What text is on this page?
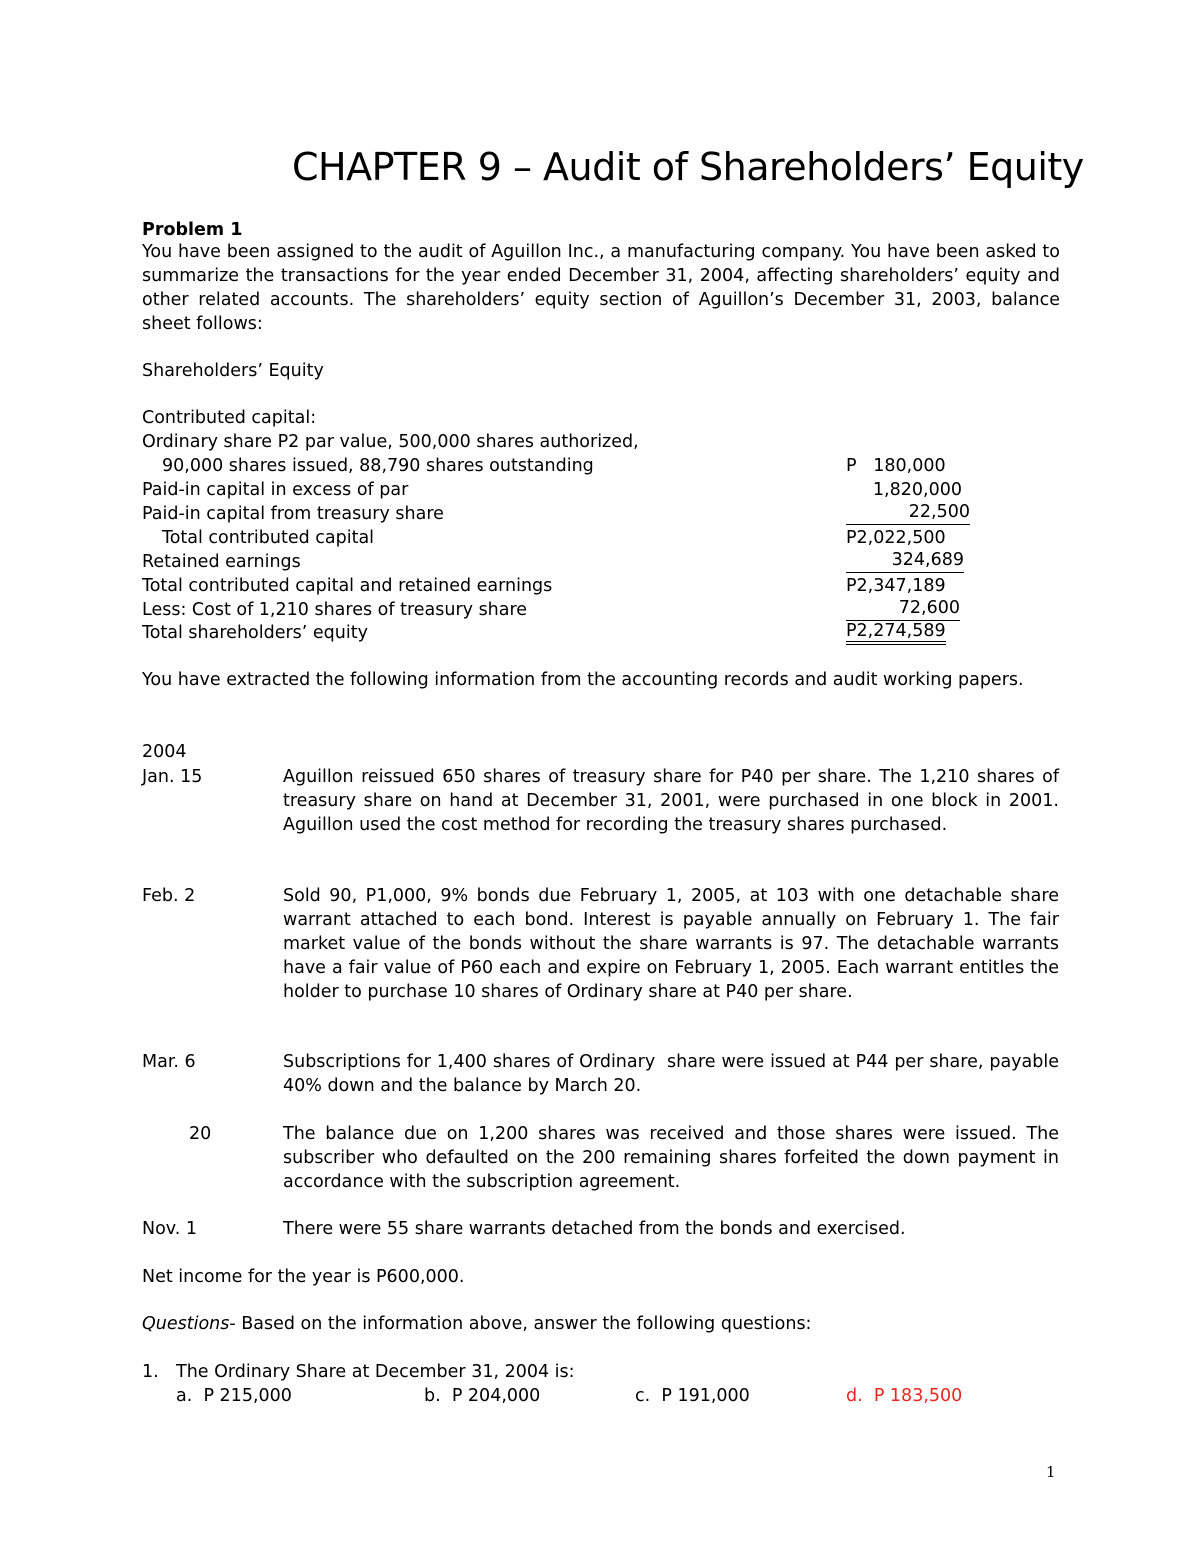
CHAPTER 9 – Audit of Shareholders’ Equity
Problem 1

You have been assigned to the audit of Aguillon Inc., a manufacturing company. You have been asked to summarize the transactions for the year ended December 31, 2004, affecting shareholders’ equity and other related accounts. The shareholders’ equity section of Aguillon’s December 31, 2003, balance sheet follows:

Shareholders’ Equity
Contributed capital:
Ordinary share P2 par value, 500,000 shares authorized,
90,000 shares issued, 88,790 shares outstanding	P   180,000
Paid-in capital in excess of par	1,820,000
Paid-in capital from treasury share	22,500
Total contributed capital	P2,022,500
Retained earnings	324,689
Total contributed capital and retained earnings	P2,347,189
Less: Cost of 1,210 shares of treasury share	72,600
Total shareholders’ equity	P2,274,589

You have extracted the following information from the accounting records and audit working papers.

2004
Jan. 15	Aguillon reissued 650 shares of treasury share for P40 per share. The 1,210 shares of treasury share on hand at December 31, 2001, were purchased in one block in 2001. Aguillon used the cost method for recording the treasury shares purchased.

Feb. 2	Sold 90, P1,000, 9% bonds due February 1, 2005, at 103 with one detachable share warrant attached to each bond. Interest is payable annually on February 1. The fair market value of the bonds without the share warrants is 97. The detachable warrants have a fair value of P60 each and expire on February 1, 2005. Each warrant entitles the holder to purchase 10 shares of Ordinary share at P40 per share.

Mar. 6	Subscriptions for 1,400 shares of Ordinary  share were issued at P44 per share, payable 40% down and the balance by March 20.

20	The balance due on 1,200 shares was received and those shares were issued. The subscriber who defaulted on the 200 remaining shares forfeited the down payment in accordance with the subscription agreement.

Nov. 1	There were 55 share warrants detached from the bonds and exercised.

Net income for the year is P600,000.
Questions- Based on the information above, answer the following questions:
1. The Ordinary Share at December 31, 2004 is:
a. P 215,000	b. P 204,000	c. P 191,000	d. P 183,500
1
